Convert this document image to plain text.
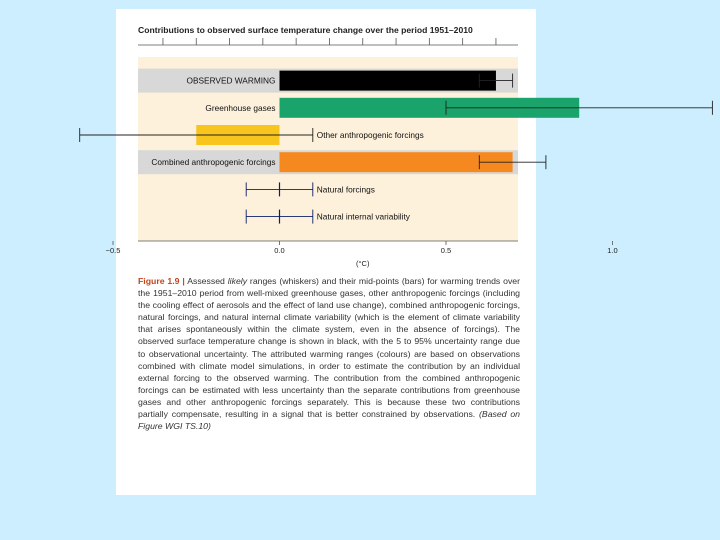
Contributions to observed surface temperature change over the period 1951–2010
OBSERVED WARMING
Greenhouse gases
Other anthropogenic forcings
Combined anthropogenic forcings
Natural forcings
Natural internal variability
−0.5	0.0	0.5	1.0
(°C)
Figure 1.9 | Assessed likely ranges (whiskers) and their mid-points (bars) for warming trends over the 1951–2010 period from well-mixed greenhouse gases, other anthropogenic forcings (including the cooling effect of aerosols and the effect of land use change), combined anthropogenic forcings, natural forcings, and natural internal climate variability (which is the element of climate variability that arises spontaneously within the climate system, even in the absence of forcings). The observed surface temperature change is shown in black, with the 5 to 95% uncertainty range due to observational uncertainty. The attributed warming ranges (colours) are based on observations combined with climate model simulations, in order to estimate the contribution by an individual external forcing to the observed warming. The contribution from the combined anthropogenic forcings can be estimated with less uncertainty than the separate contributions from greenhouse gases and other anthropogenic forcings separately. This is because these two contributions partially compensate, resulting in a signal that is better constrained by observations. (Based on Figure WGI TS.10)
